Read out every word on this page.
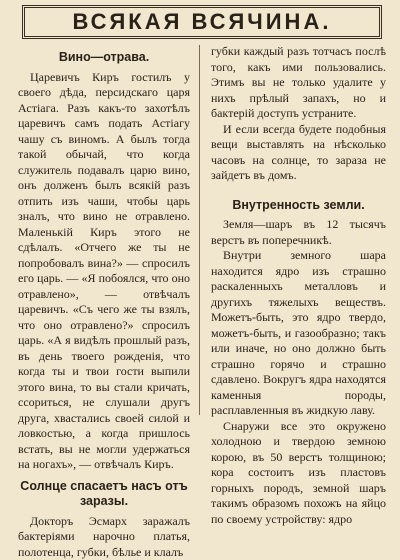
ВСЯКАЯ ВСЯЧИНА.
Вино—отрава.

Царевичъ Киръ гостилъ у своего дѣда, персидскаго царя Астіага. Разъ какъ-то захотѣлъ царевичъ самъ подать Астіагу чашу съ виномъ. А былъ тогда такой обычай, что когда служитель подавалъ царю вино, онъ долженъ былъ всякій разъ отпить изъ чаши, чтобы царь зналъ, что вино не отравлено. Маленькій Киръ этого не сдѣлалъ. «Отчего же ты не попробовалъ вина?» — спросилъ его царь. — «Я побоялся, что оно отравлено», — отвѣчалъ царевичъ. «Съ чего же ты взялъ, что оно отравлено?» спросилъ царь. «А я видѣлъ прошлый разъ, въ день твоего рожденія, что когда ты и твои гости выпили этого вина, то вы стали кричать, ссориться, не слушали другъ друга, хвастались своей силой и ловкостью, а когда пришлось встать, вы не могли удержаться на ногахъ», — отвѣчалъ Киръ.

Солнце спасаетъ насъ отъ заразы.

Докторъ Эсмарх заражалъ бактеріями нарочно платья, полотенца, губки, бѣлье и клалъ

губки каждый разъ тотчасъ послѣ того, какъ ими пользовались. Этимъ вы не только удалите у нихъ прѣлый запахъ, но и бактерій доступъ устраните.

И если всегда будете подобныя вещи выставлять на нѣсколько часовъ на солнце, то зараза не зайдетъ въ домъ.

Внутренность земли.

Земля—шаръ въ 12 тысячъ верстъ въ поперечникѣ.

Внутри земного шара находится ядро изъ страшно раскаленныхъ металловъ и другихъ тяжелыхъ веществъ. Можетъ-быть, это ядро твердо, можетъ-быть, и газообразно; такъ или иначе, но оно должно быть страшно горячо и страшно сдавлено. Вокругъ ядра находятся каменныя породы, расплавленныя въ жидкую лаву.

Снаружи все это окружено холодною и твердою земною корою, въ 50 верстъ толщиною; кора состоитъ изъ пластовъ горныхъ породъ, земной шаръ такимъ образомъ похожъ на яйцо по своему устройству: ядро
